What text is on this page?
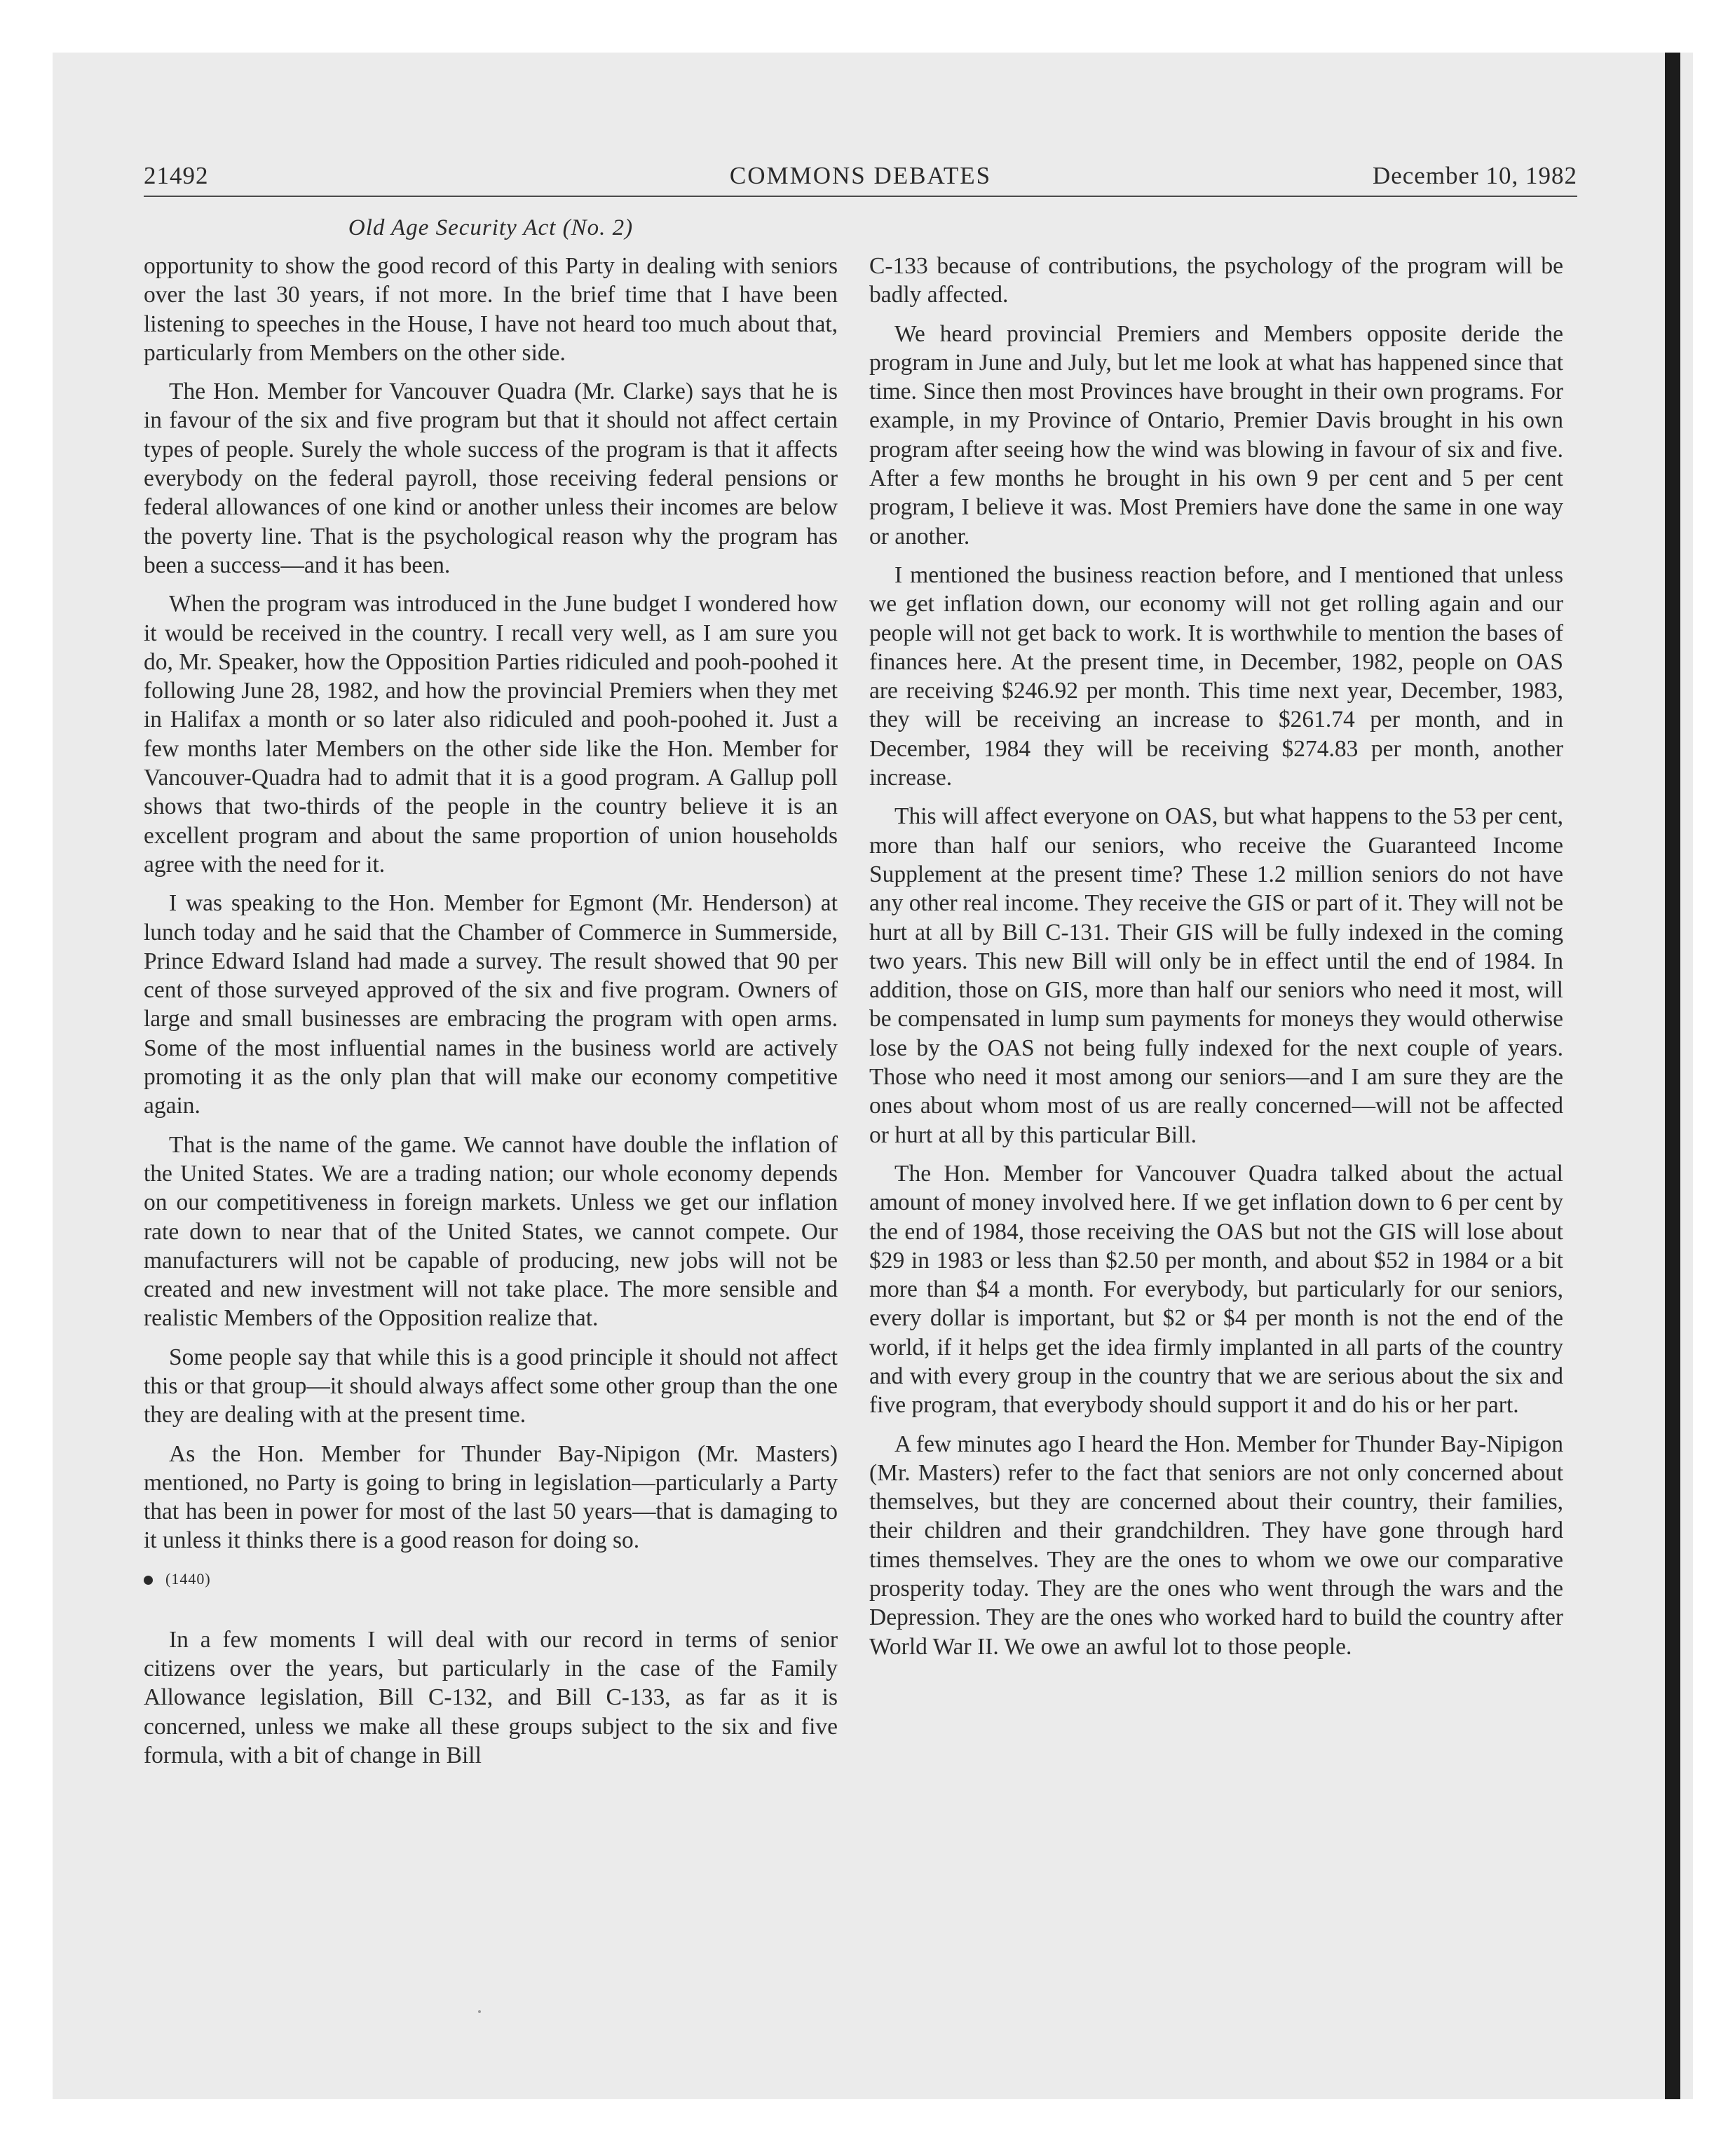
21492	COMMONS DEBATES	December 10, 1982
Old Age Security Act (No. 2)

opportunity to show the good record of this Party in dealing with seniors over the last 30 years, if not more. In the brief time that I have been listening to speeches in the House, I have not heard too much about that, particularly from Members on the other side.

The Hon. Member for Vancouver Quadra (Mr. Clarke) says that he is in favour of the six and five program but that it should not affect certain types of people. Surely the whole success of the program is that it affects everybody on the federal payroll, those receiving federal pensions or federal allowances of one kind or another unless their incomes are below the poverty line. That is the psychological reason why the program has been a success—and it has been.

When the program was introduced in the June budget I wondered how it would be received in the country. I recall very well, as I am sure you do, Mr. Speaker, how the Opposition Parties ridiculed and pooh-poohed it following June 28, 1982, and how the provincial Premiers when they met in Halifax a month or so later also ridiculed and pooh-poohed it. Just a few months later Members on the other side like the Hon. Member for Vancouver-Quadra had to admit that it is a good program. A Gallup poll shows that two-thirds of the people in the country believe it is an excellent program and about the same proportion of union households agree with the need for it.

I was speaking to the Hon. Member for Egmont (Mr. Henderson) at lunch today and he said that the Chamber of Commerce in Summerside, Prince Edward Island had made a survey. The result showed that 90 per cent of those surveyed approved of the six and five program. Owners of large and small businesses are embracing the program with open arms. Some of the most influential names in the business world are actively promoting it as the only plan that will make our economy competitive again.

That is the name of the game. We cannot have double the inflation of the United States. We are a trading nation; our whole economy depends on our competitiveness in foreign markets. Unless we get our inflation rate down to near that of the United States, we cannot compete. Our manufacturers will not be capable of producing, new jobs will not be created and new investment will not take place. The more sensible and realistic Members of the Opposition realize that.

Some people say that while this is a good principle it should not affect this or that group—it should always affect some other group than the one they are dealing with at the present time.

As the Hon. Member for Thunder Bay-Nipigon (Mr. Masters) mentioned, no Party is going to bring in legislation—particularly a Party that has been in power for most of the last 50 years—that is damaging to it unless it thinks there is a good reason for doing so.

(1440)

In a few moments I will deal with our record in terms of senior citizens over the years, but particularly in the case of the Family Allowance legislation, Bill C-132, and Bill C-133, as far as it is concerned, unless we make all these groups subject to the six and five formula, with a bit of change in Bill

C-133 because of contributions, the psychology of the program will be badly affected.

We heard provincial Premiers and Members opposite deride the program in June and July, but let me look at what has happened since that time. Since then most Provinces have brought in their own programs. For example, in my Province of Ontario, Premier Davis brought in his own program after seeing how the wind was blowing in favour of six and five. After a few months he brought in his own 9 per cent and 5 per cent program, I believe it was. Most Premiers have done the same in one way or another.

I mentioned the business reaction before, and I mentioned that unless we get inflation down, our economy will not get rolling again and our people will not get back to work. It is worthwhile to mention the bases of finances here. At the present time, in December, 1982, people on OAS are receiving $246.92 per month. This time next year, December, 1983, they will be receiving an increase to $261.74 per month, and in December, 1984 they will be receiving $274.83 per month, another increase.

This will affect everyone on OAS, but what happens to the 53 per cent, more than half our seniors, who receive the Guaranteed Income Supplement at the present time? These 1.2 million seniors do not have any other real income. They receive the GIS or part of it. They will not be hurt at all by Bill C-131. Their GIS will be fully indexed in the coming two years. This new Bill will only be in effect until the end of 1984. In addition, those on GIS, more than half our seniors who need it most, will be compensated in lump sum payments for moneys they would otherwise lose by the OAS not being fully indexed for the next couple of years. Those who need it most among our seniors—and I am sure they are the ones about whom most of us are really concerned—will not be affected or hurt at all by this particular Bill.

The Hon. Member for Vancouver Quadra talked about the actual amount of money involved here. If we get inflation down to 6 per cent by the end of 1984, those receiving the OAS but not the GIS will lose about $29 in 1983 or less than $2.50 per month, and about $52 in 1984 or a bit more than $4 a month. For everybody, but particularly for our seniors, every dollar is important, but $2 or $4 per month is not the end of the world, if it helps get the idea firmly implanted in all parts of the country and with every group in the country that we are serious about the six and five program, that everybody should support it and do his or her part.

A few minutes ago I heard the Hon. Member for Thunder Bay-Nipigon (Mr. Masters) refer to the fact that seniors are not only concerned about themselves, but they are concerned about their country, their families, their children and their grandchildren. They have gone through hard times themselves. They are the ones to whom we owe our comparative prosperity today. They are the ones who went through the wars and the Depression. They are the ones who worked hard to build the country after World War II. We owe an awful lot to those people.
